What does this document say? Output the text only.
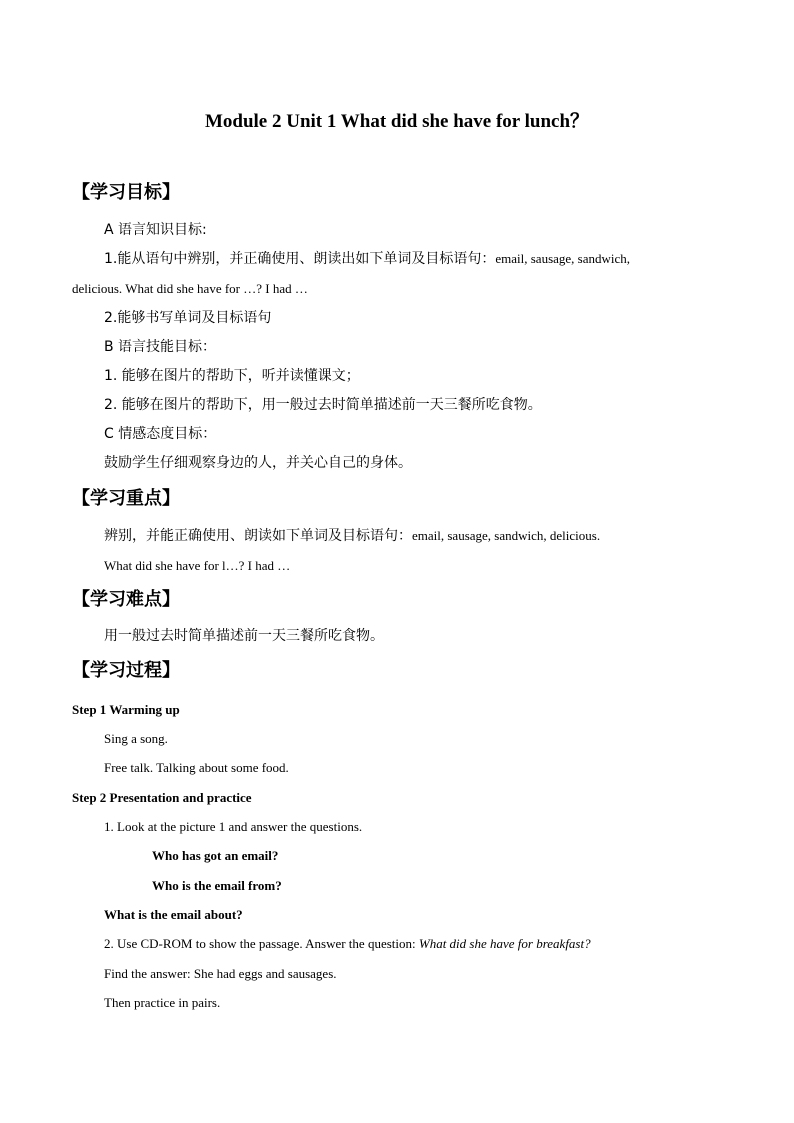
Module 2 Unit 1 What did she have for lunch？
【学习目标】
A 语言知识目标:
1.能从语句中辨别，并正确使用、朗读出如下单词及目标语句：email, sausage, sandwich,
delicious. What did she have for …? I had …
2.能够书写单词及目标语句
B 语言技能目标：
1. 能够在图片的帮助下，听并读懂课文；
2. 能够在图片的帮助下，用一般过去时简单描述前一天三餐所吃食物。
C 情感态度目标：
鼓励学生仔细观察身边的人，并关心自己的身体。
【学习重点】
辨别，并能正确使用、朗读如下单词及目标语句：email, sausage, sandwich, delicious.
What did she have for l…? I had …
【学习难点】
用一般过去时简单描述前一天三餐所吃食物。
【学习过程】
Step 1 Warming up
Sing a song.
Free talk. Talking about some food.
Step 2 Presentation and practice
1. Look at the picture 1 and answer the questions.
Who has got an email?
Who is the email from?
What is the email about?
2. Use CD-ROM to show the passage. Answer the question: What did she have for breakfast?
Find the answer: She had eggs and sausages.
Then practice in pairs.
